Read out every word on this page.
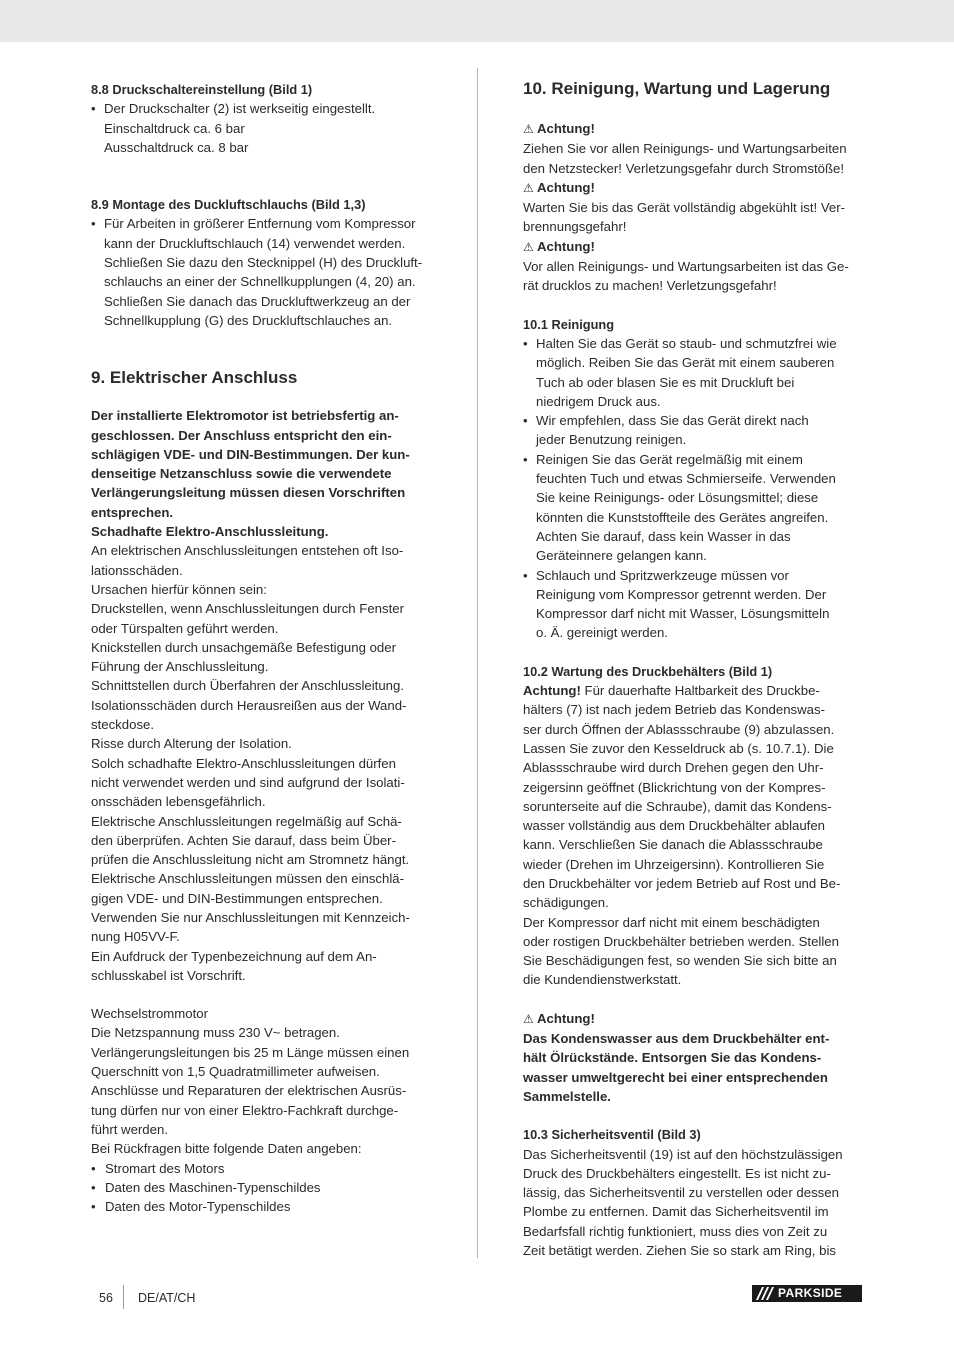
8.8 Druckschaltereinstellung (Bild 1)

• Der Druckschalter (2) ist werkseitig eingestellt.
Einschaltdruck ca. 6 bar
Ausschaltdruck ca. 8 bar

8.9 Montage des Duckluftschlauchs (Bild 1,3)

• Für Arbeiten in größerer Entfernung vom Kompressor
kann der Druckluftschlauch (14) verwendet werden.
Schließen Sie dazu den Stecknippel (H) des Druckluft-
schlauchs an einer der Schnellkupplungen (4, 20) an.
Schließen Sie danach das Druckluftwerkzeug an der
Schnellkupplung (G) des Druckluftschlauches an.
9. Elektrischer Anschluss
Der installierte Elektromotor ist betriebsfertig an-
geschlossen. Der Anschluss entspricht den ein-
schlägigen VDE- und DIN-Bestimmungen. Der kun-
denseitige Netzanschluss sowie die verwendete
Verlängerungsleitung müssen diesen Vorschriften
entsprechen.
Schadhafte Elektro-Anschlussleitung.
An elektrischen Anschlussleitungen entstehen oft Iso-
lationsschäden.
Ursachen hierfür können sein:
Druckstellen, wenn Anschlussleitungen durch Fenster
oder Türspalten geführt werden.
Knickstellen durch unsachgemäße Befestigung oder
Führung der Anschlussleitung.
Schnittstellen durch Überfahren der Anschlussleitung.
Isolationsschäden durch Herausreißen aus der Wand-
steckdose.
Risse durch Alterung der Isolation.
Solch schadhafte Elektro-Anschlussleitungen dürfen
nicht verwendet werden und sind aufgrund der Isolati-
onsschäden lebensgefährlich.
Elektrische Anschlussleitungen regelmäßig auf Schä-
den überprüfen. Achten Sie darauf, dass beim Über-
prüfen die Anschlussleitung nicht am Stromnetz hängt.
Elektrische Anschlussleitungen müssen den einschlä-
gigen VDE- und DIN-Bestimmungen entsprechen.
Verwenden Sie nur Anschlussleitungen mit Kennzeich-
nung H05VV-F.
Ein Aufdruck der Typenbezeichnung auf dem An-
schlusskabel ist Vorschrift.
Wechselstrommotor
Die Netzspannung muss 230 V~ betragen.
Verlängerungsleitungen bis 25 m Länge müssen einen
Querschnitt von 1,5 Quadratmillimeter aufweisen.
Anschlüsse und Reparaturen der elektrischen Ausrüs-
tung dürfen nur von einer Elektro-Fachkraft durchge-
führt werden.
Bei Rückfragen bitte folgende Daten angeben:
• Stromart des Motors
• Daten des Maschinen-Typenschildes
• Daten des Motor-Typenschildes
10. Reinigung, Wartung und Lagerung

⚠ Achtung!

Ziehen Sie vor allen Reinigungs- und Wartungsarbeiten
den Netzstecker! Verletzungsgefahr durch Stromstöße!

⚠ Achtung!

Warten Sie bis das Gerät vollständig abgekühlt ist! Ver-
brennungsgefahr!

⚠ Achtung!

Vor allen Reinigungs- und Wartungsarbeiten ist das Ge-
rät drucklos zu machen! Verletzungsgefahr!

10.1 Reinigung

• Halten Sie das Gerät so staub- und schmutzfrei wie
möglich. Reiben Sie das Gerät mit einem sauberen
Tuch ab oder blasen Sie es mit Druckluft bei
niedrigem Druck aus.
• Wir empfehlen, dass Sie das Gerät direkt nach
jeder Benutzung reinigen.
• Reinigen Sie das Gerät regelmäßig mit einem
feuchten Tuch und etwas Schmierseife. Verwenden
Sie keine Reinigungs- oder Lösungsmittel; diese
könnten die Kunststoffteile des Gerätes angreifen.
Achten Sie darauf, dass kein Wasser in das
Geräteinnere gelangen kann.
• Schlauch und Spritzwerkzeuge müssen vor
Reinigung vom Kompressor getrennt werden. Der
Kompressor darf nicht mit Wasser, Lösungsmitteln
o. Ä. gereinigt werden.

10.2 Wartung des Druckbehälters (Bild 1)

Achtung! Für dauerhafte Haltbarkeit des Druckbe-
hälters (7) ist nach jedem Betrieb das Kondenswas-
ser durch Öffnen der Ablassschraube (9) abzulassen.
Lassen Sie zuvor den Kesseldruck ab (s. 10.7.1). Die
Ablassschraube wird durch Drehen gegen den Uhr-
zeigersinn geöffnet (Blickrichtung von der Kompres-
sorunterseite auf die Schraube), damit das Kondens-
wasser vollständig aus dem Druckbehälter ablaufen
kann. Verschließen Sie danach die Ablassschraube
wieder (Drehen im Uhrzeigersinn). Kontrollieren Sie
den Druckbehälter vor jedem Betrieb auf Rost und Be-
schädigungen.
Der Kompressor darf nicht mit einem beschädigten
oder rostigen Druckbehälter betrieben werden. Stellen
Sie Beschädigungen fest, so wenden Sie sich bitte an
die Kundendienstwerkstatt.

⚠ Achtung!

Das Kondenswasser aus dem Druckbehälter ent-
hält Ölrückstände. Entsorgen Sie das Kondens-
wasser umweltgerecht bei einer entsprechenden
Sammelstelle.

10.3 Sicherheitsventil (Bild 3)

Das Sicherheitsventil (19) ist auf den höchstzulässigen
Druck des Druckbehälters eingestellt. Es ist nicht zu-
lässig, das Sicherheitsventil zu verstellen oder dessen
Plombe zu entfernen. Damit das Sicherheitsventil im
Bedarfsfall richtig funktioniert, muss dies von Zeit zu
Zeit betätigt werden. Ziehen Sie so stark am Ring, bis
56 DE/AT/CH	PARKSIDE
